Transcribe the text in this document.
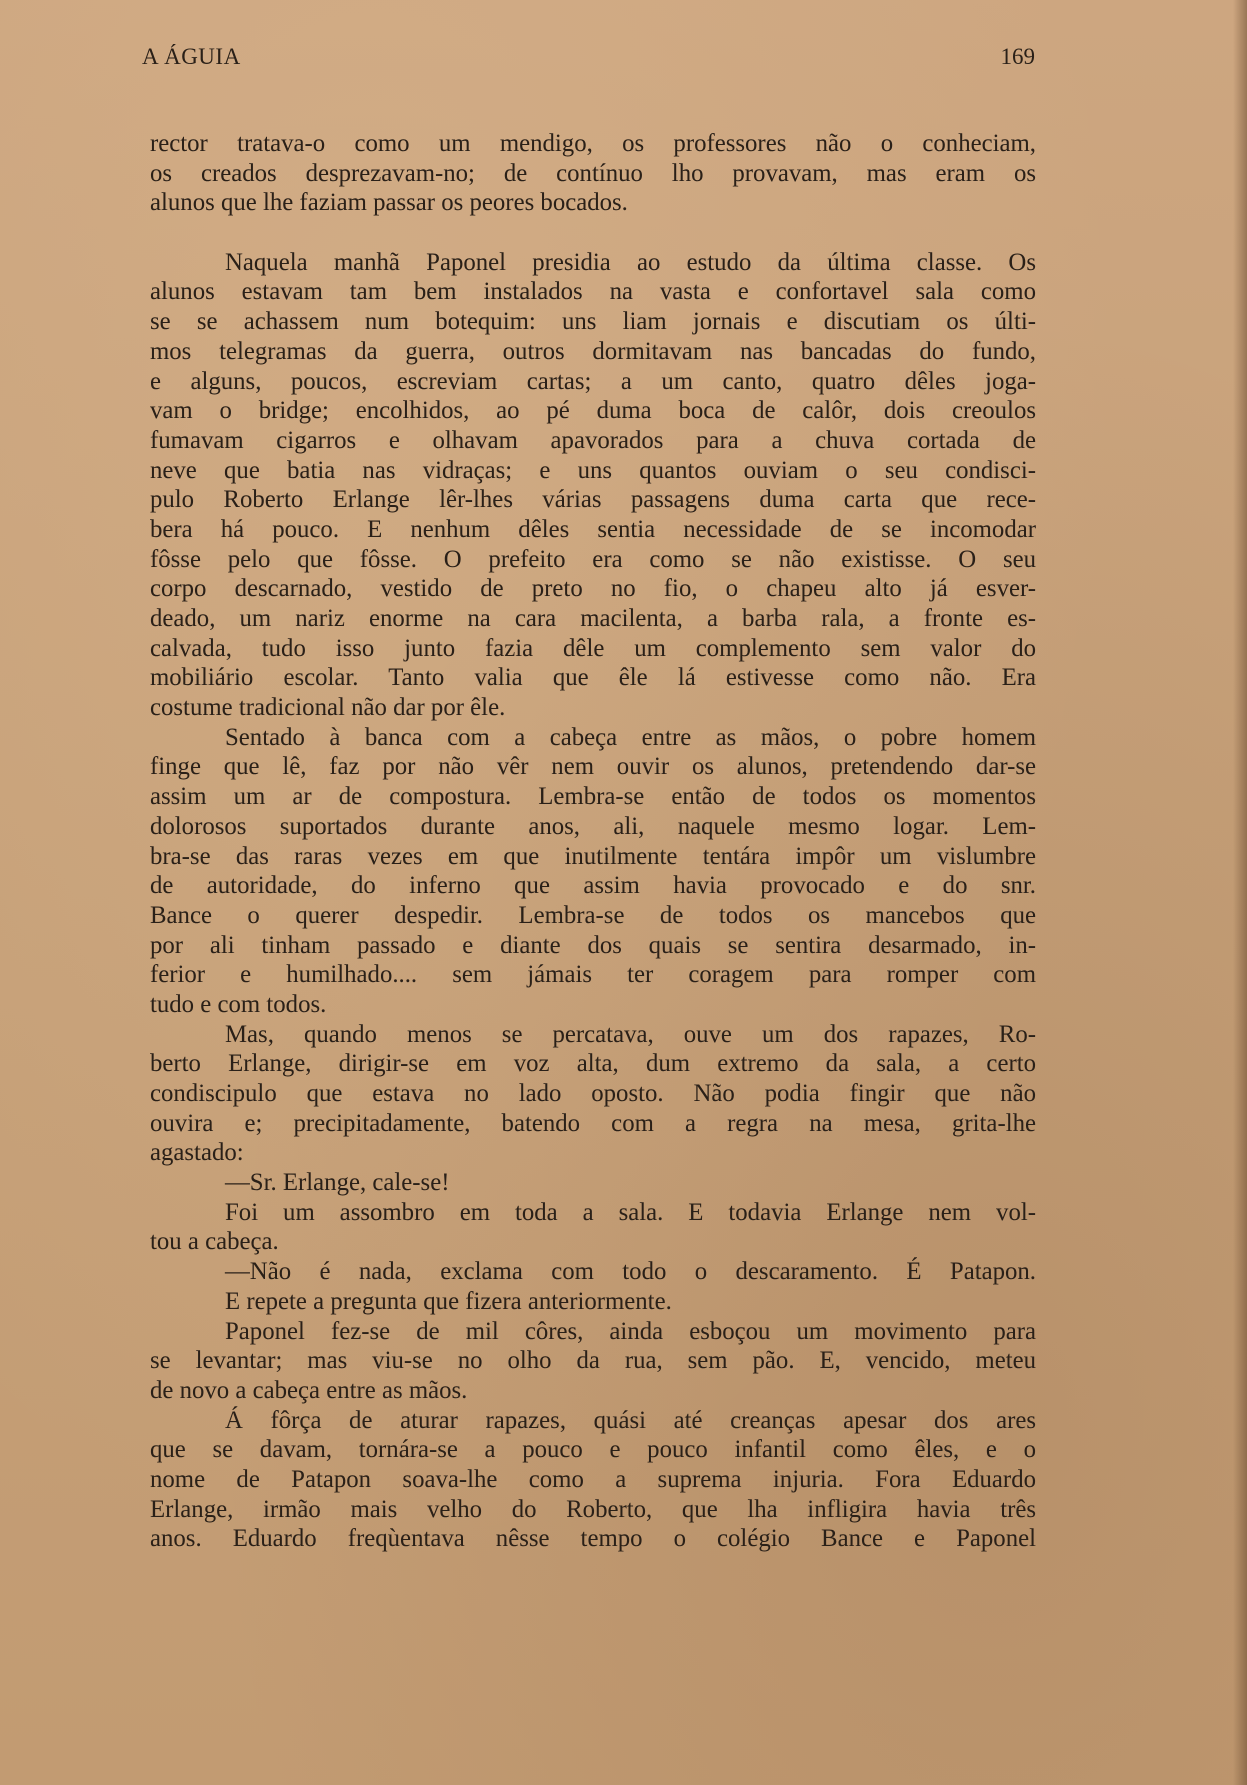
A ÁGUIA	169
rector tratava-o como um mendigo, os professores não o conheciam,
os creados desprezavam-no; de contínuo lho provavam, mas eram os
alunos que lhe faziam passar os peores bocados.
Naquela manhã Paponel presidia ao estudo da última classe. Os
alunos estavam tam bem instalados na vasta e confortavel sala como
se se achassem num botequim: uns liam jornais e discutiam os últi-
mos telegramas da guerra, outros dormitavam nas bancadas do fundo,
e alguns, poucos, escreviam cartas; a um canto, quatro dêles joga-
vam o bridge; encolhidos, ao pé duma boca de calôr, dois creoulos
fumavam cigarros e olhavam apavorados para a chuva cortada de
neve que batia nas vidraças; e uns quantos ouviam o seu condisci-
pulo Roberto Erlange lêr-lhes várias passagens duma carta que rece-
bera há pouco. E nenhum dêles sentia necessidade de se incomodar
fôsse pelo que fôsse. O prefeito era como se não existisse. O seu
corpo descarnado, vestido de preto no fio, o chapeu alto já esver-
deado, um nariz enorme na cara macilenta, a barba rala, a fronte es-
calvada, tudo isso junto fazia dêle um complemento sem valor do
mobiliário escolar. Tanto valia que êle lá estivesse como não. Era
costume tradicional não dar por êle.
Sentado à banca com a cabeça entre as mãos, o pobre homem
finge que lê, faz por não vêr nem ouvir os alunos, pretendendo dar-se
assim um ar de compostura. Lembra-se então de todos os momentos
dolorosos suportados durante anos, ali, naquele mesmo logar. Lem-
bra-se das raras vezes em que inutilmente tentára impôr um vislumbre
de autoridade, do inferno que assim havia provocado e do snr.
Bance o querer despedir. Lembra-se de todos os mancebos que
por ali tinham passado e diante dos quais se sentira desarmado, in-
ferior e humilhado.... sem jámais ter coragem para romper com
tudo e com todos.
Mas, quando menos se percatava, ouve um dos rapazes, Ro-
berto Erlange, dirigir-se em voz alta, dum extremo da sala, a certo
condiscipulo que estava no lado oposto. Não podia fingir que não
ouvira e; precipitadamente, batendo com a regra na mesa, grita-lhe
agastado:
—Sr. Erlange, cale-se!
Foi um assombro em toda a sala. E todavia Erlange nem vol-
tou a cabeça.
—Não é nada, exclama com todo o descaramento. É Patapon.
E repete a pregunta que fizera anteriormente.
Paponel fez-se de mil côres, ainda esboçou um movimento para
se levantar; mas viu-se no olho da rua, sem pão. E, vencido, meteu
de novo a cabeça entre as mãos.
Á fôrça de aturar rapazes, quási até creanças apesar dos ares
que se davam, tornára-se a pouco e pouco infantil como êles, e o
nome de Patapon soava-lhe como a suprema injuria. Fora Eduardo
Erlange, irmão mais velho do Roberto, que lha infligira havia três
anos. Eduardo freqùentava nêsse tempo o colégio Bance e Paponel
